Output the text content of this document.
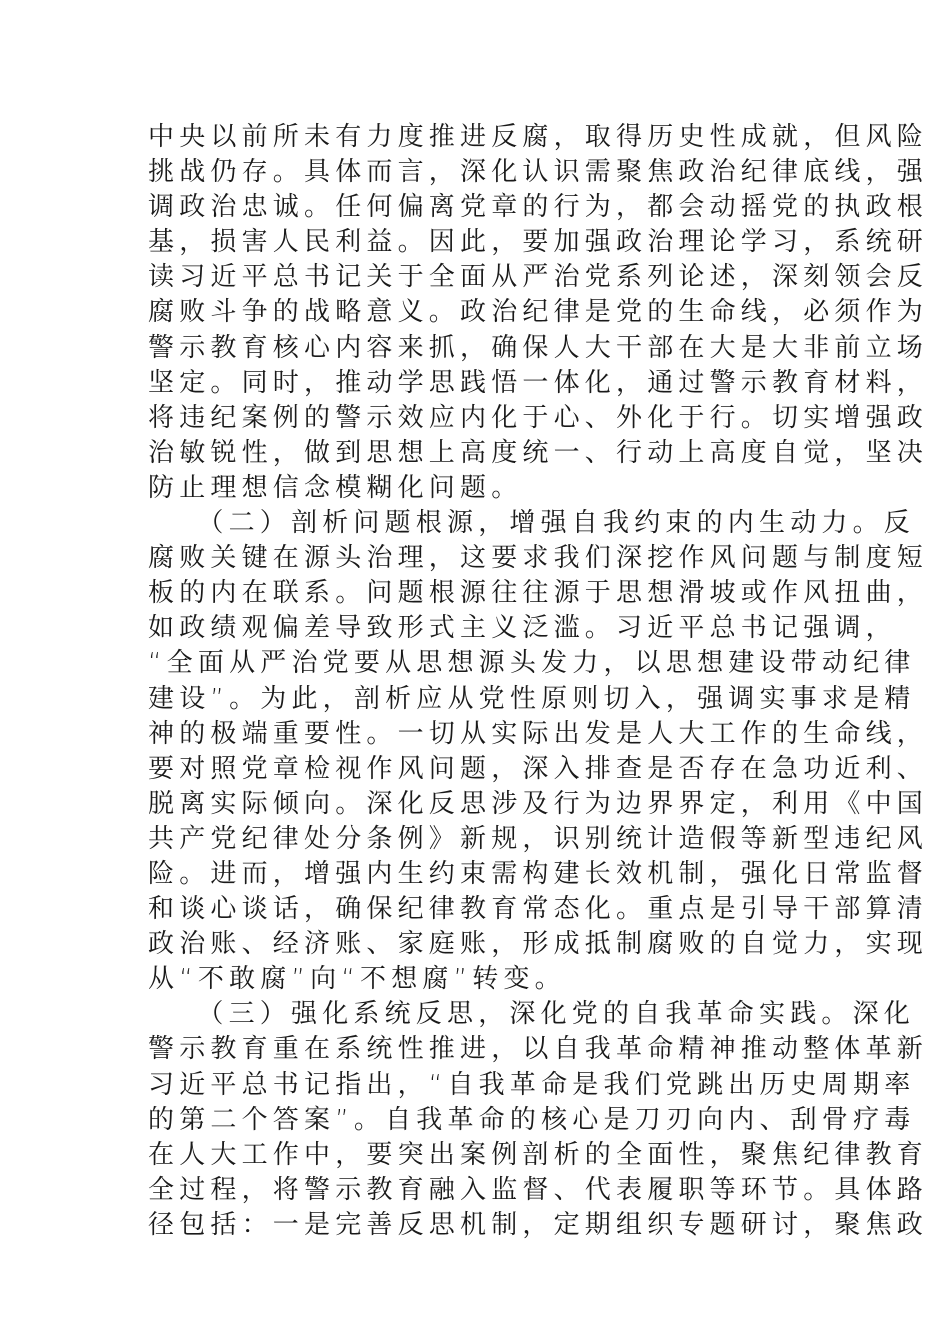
中央以前所未有力度推进反腐，取得历史性成就，但风险
挑战仍存。具体而言，深化认识需聚焦政治纪律底线，强
调政治忠诚。任何偏离党章的行为，都会动摇党的执政根
基，损害人民利益。因此，要加强政治理论学习，系统研
读习近平总书记关于全面从严治党系列论述，深刻领会反
腐败斗争的战略意义。政治纪律是党的生命线，必须作为
警示教育核心内容来抓，确保人大干部在大是大非前立场
坚定。同时，推动学思践悟一体化，通过警示教育材料，
将违纪案例的警示效应内化于心、外化于行。切实增强政
治敏锐性，做到思想上高度统一、行动上高度自觉，坚决
防止理想信念模糊化问题。
　　（二）剖析问题根源，增强自我约束的内生动力。反
腐败关键在源头治理，这要求我们深挖作风问题与制度短
板的内在联系。问题根源往往源于思想滑坡或作风扭曲，
如政绩观偏差导致形式主义泛滥。习近平总书记强调，
“全面从严治党要从思想源头发力，以思想建设带动纪律
建设”。为此，剖析应从党性原则切入，强调实事求是精
神的极端重要性。一切从实际出发是人大工作的生命线，
要对照党章检视作风问题，深入排查是否存在急功近利、
脱离实际倾向。深化反思涉及行为边界界定，利用《中国
共产党纪律处分条例》新规，识别统计造假等新型违纪风
险。进而，增强内生约束需构建长效机制，强化日常监督
和谈心谈话，确保纪律教育常态化。重点是引导干部算清
政治账、经济账、家庭账，形成抵制腐败的自觉力，实现
从“不敢腐”向“不想腐”转变。
　　（三）强化系统反思，深化党的自我革命实践。深化
警示教育重在系统性推进，以自我革命精神推动整体革新
习近平总书记指出，“自我革命是我们党跳出历史周期率
的第二个答案”。自我革命的核心是刀刃向内、刮骨疗毒
在人大工作中，要突出案例剖析的全面性，聚焦纪律教育
全过程，将警示教育融入监督、代表履职等环节。具体路
径包括：一是完善反思机制，定期组织专题研讨，聚焦政
